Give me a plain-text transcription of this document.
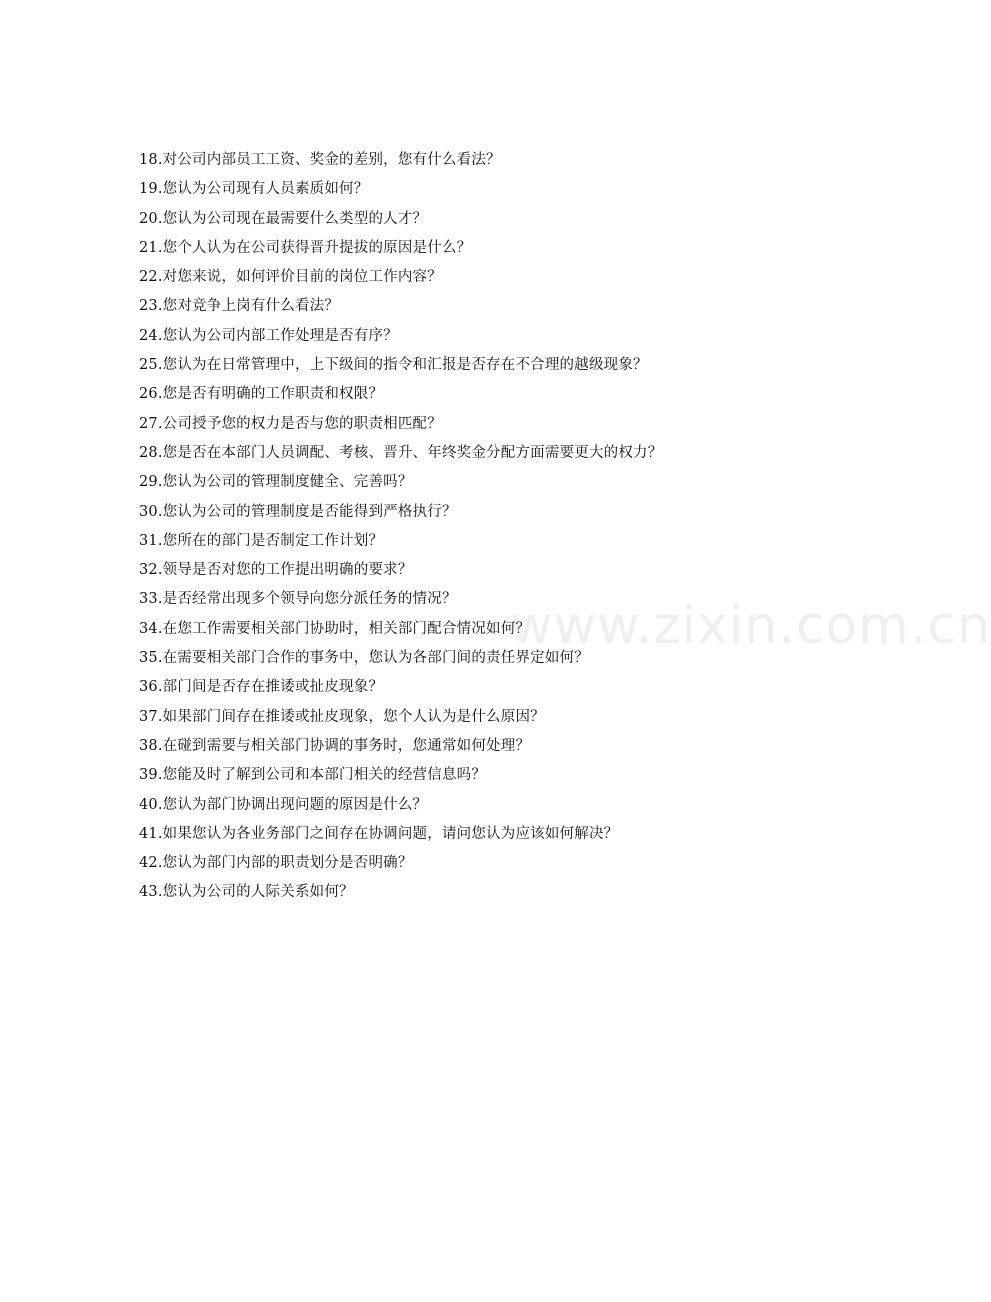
18.对公司内部员工工资、奖金的差别，您有什么看法？
19.您认为公司现有人员素质如何？
20.您认为公司现在最需要什么类型的人才？
21.您个人认为在公司获得晋升提拔的原因是什么？
22.对您来说，如何评价目前的岗位工作内容？
23.您对竞争上岗有什么看法？
24.您认为公司内部工作处理是否有序？
25.您认为在日常管理中，上下级间的指令和汇报是否存在不合理的越级现象？
26.您是否有明确的工作职责和权限？
27.公司授予您的权力是否与您的职责相匹配？
28.您是否在本部门人员调配、考核、晋升、年终奖金分配方面需要更大的权力？
29.您认为公司的管理制度健全、完善吗？
30.您认为公司的管理制度是否能得到严格执行？
31.您所在的部门是否制定工作计划？
32.领导是否对您的工作提出明确的要求？
33.是否经常出现多个领导向您分派任务的情况？
34.在您工作需要相关部门协助时，相关部门配合情况如何？
35.在需要相关部门合作的事务中，您认为各部门间的责任界定如何？
36.部门间是否存在推诿或扯皮现象？
37.如果部门间存在推诿或扯皮现象，您个人认为是什么原因？
38.在碰到需要与相关部门协调的事务时，您通常如何处理？
39.您能及时了解到公司和本部门相关的经营信息吗？
40.您认为部门协调出现问题的原因是什么？
41.如果您认为各业务部门之间存在协调问题，请问您认为应该如何解决？
42.您认为部门内部的职责划分是否明确？
43.您认为公司的人际关系如何？
www.zixin.com.cn
